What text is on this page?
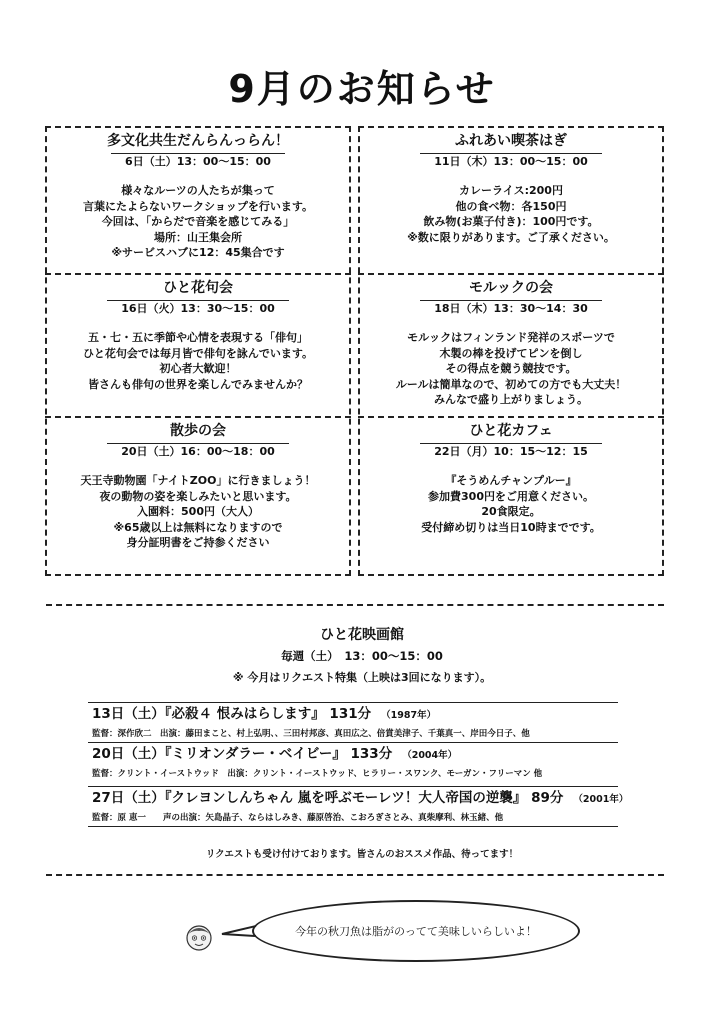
9月のお知らせ
多文化共生だんらんっらん！
6日（土）13：00～15：00
様々なルーツの人たちが集って
言葉にたよらないワークショップを行います。
今回は、「からだで音楽を感じてみる」
場所：山王集会所
※サービスハブに12：45集合です
ふれあい喫茶はぎ
11日（木）13：00～15：00
カレーライス:200円
他の食べ物：各150円
飲み物(お菓子付き)：100円です。
※数に限りがあります。ご了承ください。
ひと花句会
16日（火）13：30～15：00
五・七・五に季節や心情を表現する「俳句」
ひと花句会では毎月皆で俳句を詠んでいます。
初心者大歓迎！
皆さんも俳句の世界を楽しんでみませんか？
モルックの会
18日（木）13：30～14：30
モルックはフィンランド発祥のスポーツで
木製の棒を投げてピンを倒し
その得点を競う競技です。
ルールは簡単なので、初めての方でも大丈夫！
みんなで盛り上がりましょう。
散歩の会
20日（土）16：00～18：00
天王寺動物園「ナイトZOO」に行きましょう！
夜の動物の姿を楽しみたいと思います。
入園料：500円（大人）
※65歳以上は無料になりますので
身分証明書をご持参ください
ひと花カフェ
22日（月）10：15～12：15
『そうめんチャンプルー』
参加費300円をご用意ください。
20食限定。
受付締め切りは当日10時までです。
ひと花映画館
毎週（土）　13：00～15：00
※ 今月はリクエスト特集（上映は3回になります）。
13日（土）『必殺４ 恨みはらします』 131分 （1987年）
監督：深作欣二　出演：藤田まこと、村上弘明、、三田村邦彦、真田広之、倍賞美津子、千葉真一、岸田今日子、他
20日（土）『ミリオンダラー・ベイビー』 133分 （2004年）
監督：クリント・イーストウッド　出演：クリント・イーストウッド、ヒラリー・スワンク、モーガン・フリーマン 他
27日（土）『クレヨンしんちゃん 嵐を呼ぶモーレツ！大人帝国の逆襲』 89分 （2001年）
監督：原 恵一　　声の出演：矢島晶子、ならはしみき、藤原啓治、こおろぎさとみ、真柴摩利、林玉緒、他
リクエストも受け付けております。皆さんのおススメ作品、待ってます！
今年の秋刀魚は脂がのってて美味しいらしいよ！
